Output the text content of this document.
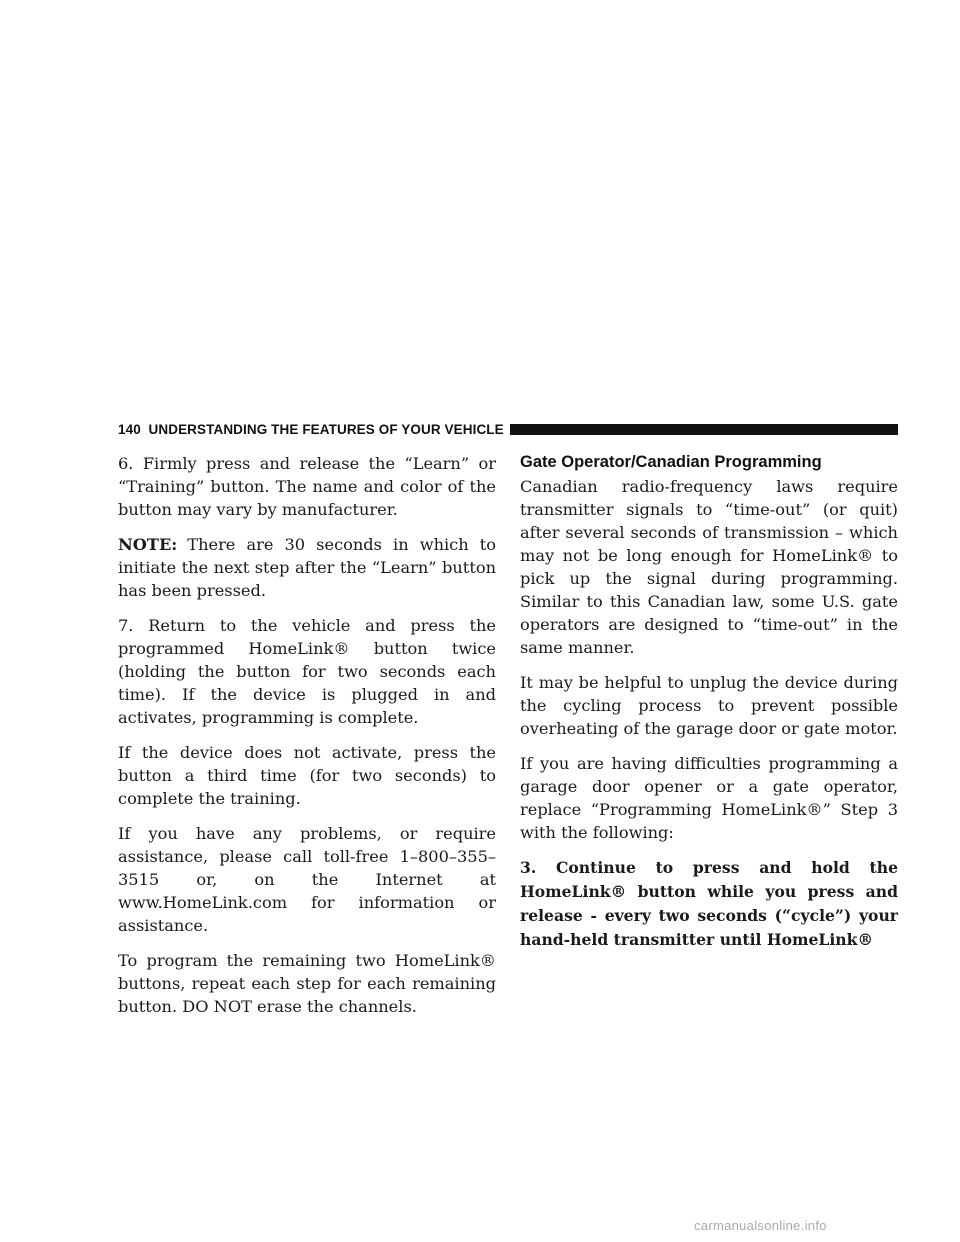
140 UNDERSTANDING THE FEATURES OF YOUR VEHICLE

6. Firmly press and release the “Learn” or “Training” button. The name and color of the button may vary by manufacturer.

NOTE: There are 30 seconds in which to initiate the next step after the “Learn” button has been pressed.

7. Return to the vehicle and press the programmed HomeLink® button twice (holding the button for two seconds each time). If the device is plugged in and activates, programming is complete.

If the device does not activate, press the button a third time (for two seconds) to complete the training.

If you have any problems, or require assistance, please call toll-free 1–800–355–3515 or, on the Internet at www.HomeLink.com for information or assistance.

To program the remaining two HomeLink® buttons, repeat each step for each remaining button. DO NOT erase the channels.

Gate Operator/Canadian Programming

Canadian radio-frequency laws require transmitter signals to “time-out” (or quit) after several seconds of transmission – which may not be long enough for HomeLink® to pick up the signal during programming. Similar to this Canadian law, some U.S. gate operators are designed to “time-out” in the same manner.

It may be helpful to unplug the device during the cycling process to prevent possible overheating of the garage door or gate motor.

If you are having difficulties programming a garage door opener or a gate operator, replace “Programming HomeLink®” Step 3 with the following:

3. Continue to press and hold the HomeLink® button while you press and release - every two seconds (“cycle”) your hand-held transmitter until HomeLink®

carmanualsonline.info
